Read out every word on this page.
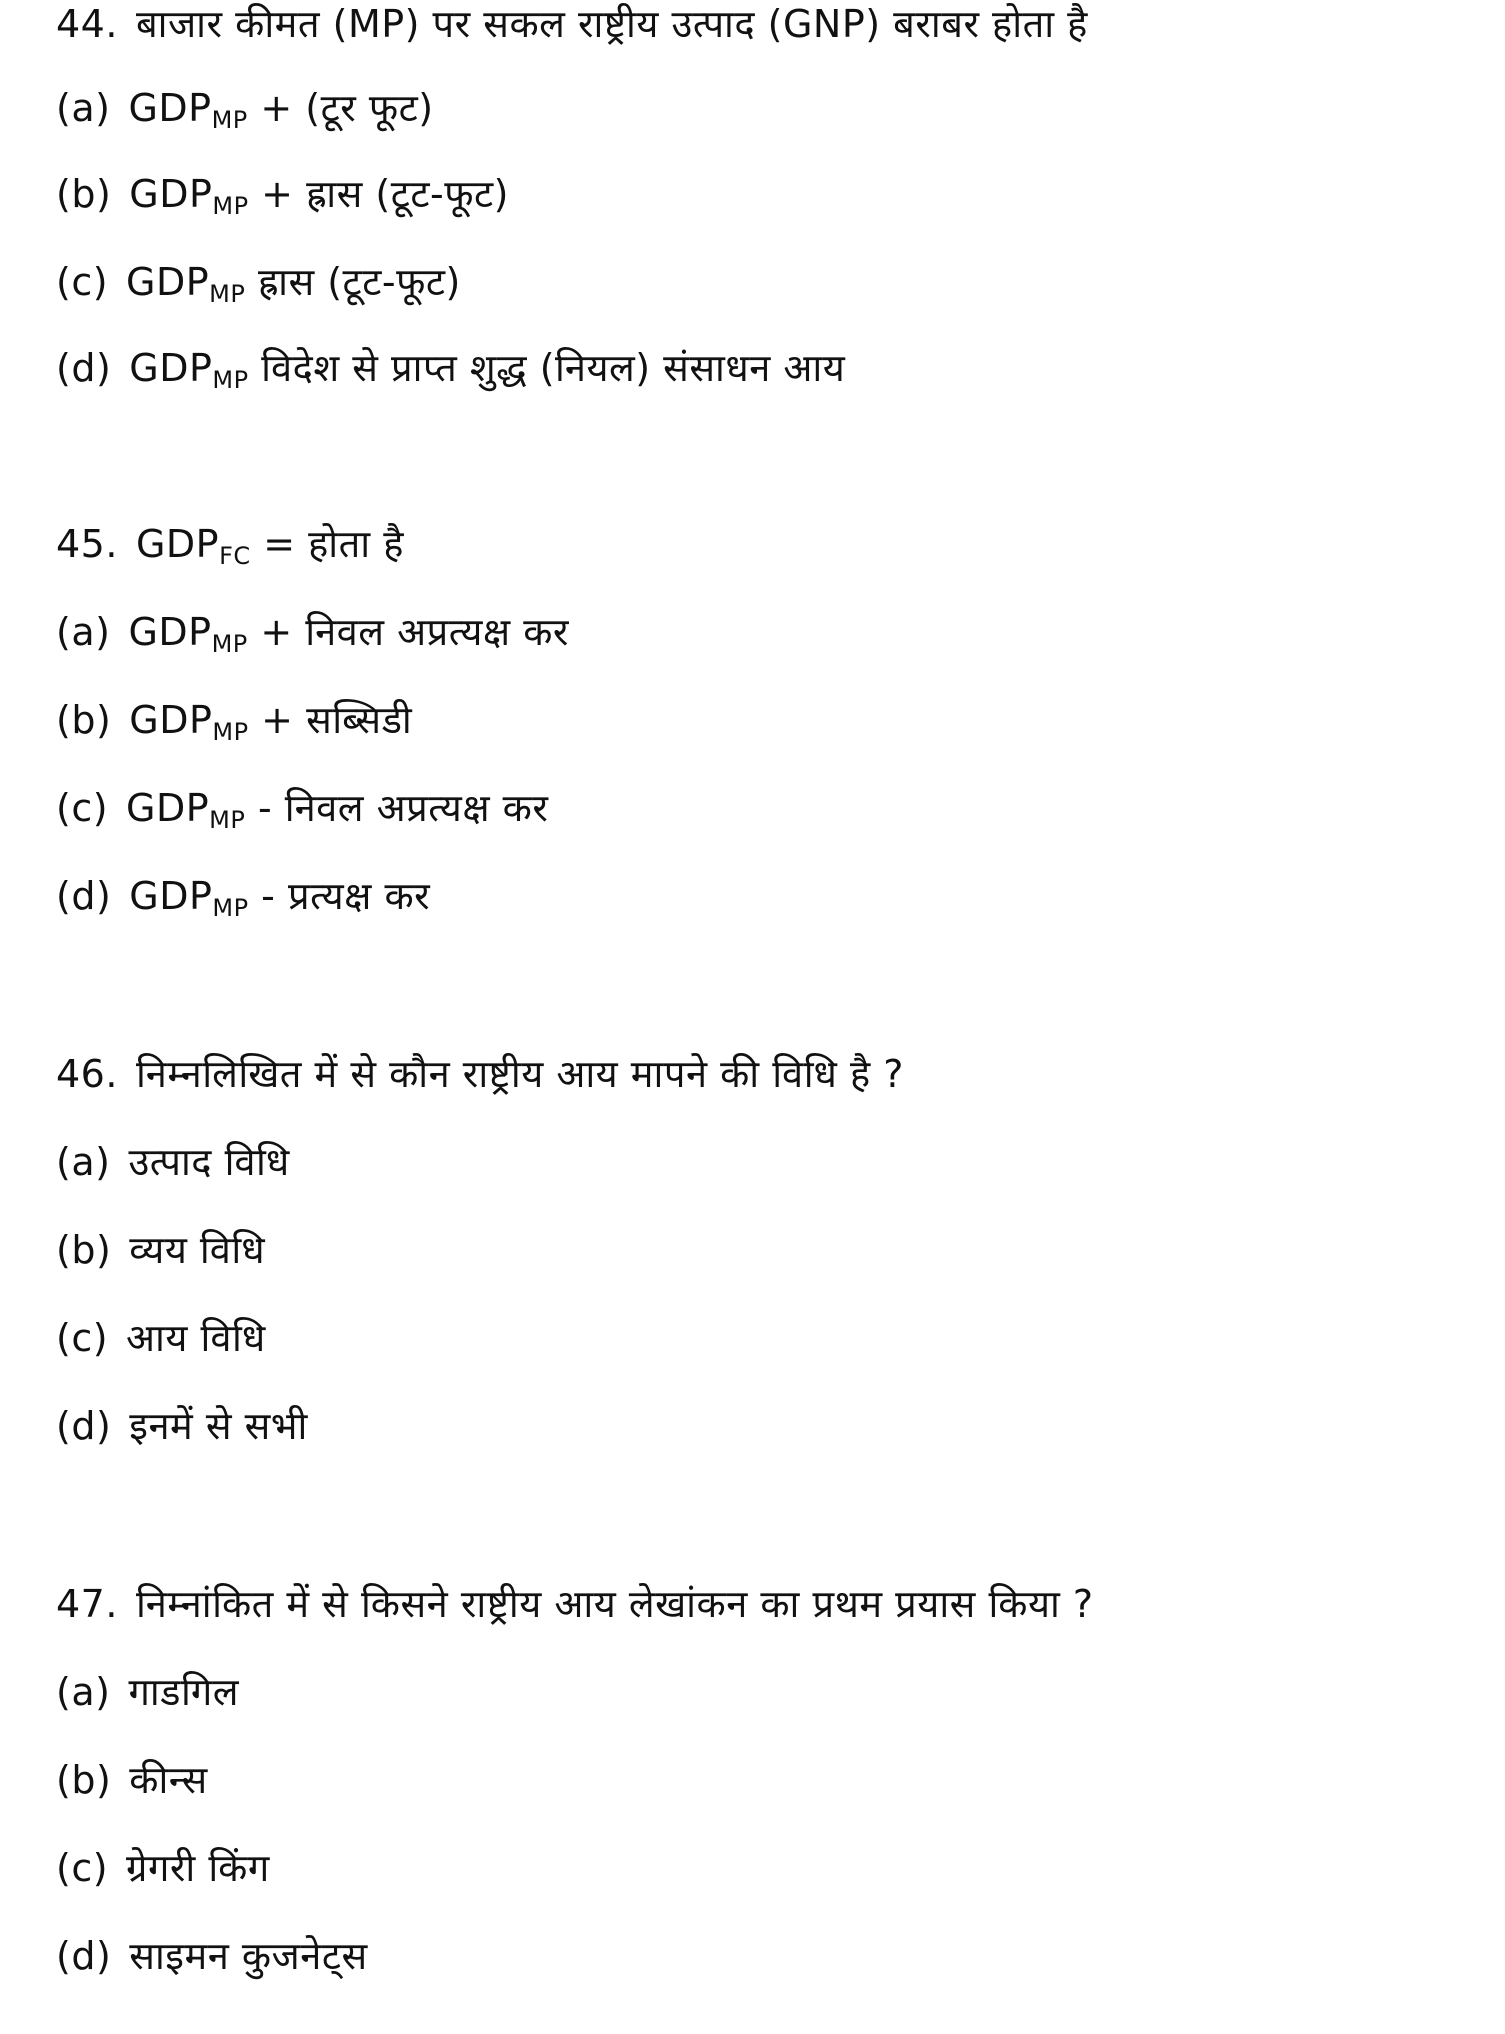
44. बाजार कीमत (MP) पर सकल राष्ट्रीय उत्पाद (GNP) बराबर होता है
(a) $GDP_{MP}$ + (टूर फूट)
(b) $GDP_{MP}$ + ह्रास (टूट-फूट)
(c) $GDP_{MP}$ ह्रास (टूट-फूट)
(d) $GDP_{MP}$ विदेश से प्राप्त शुद्ध (नियल) संसाधन आय
45. $GDP_{FC}$ = होता है
(a) $GDP_{MP}$ + निवल अप्रत्यक्ष कर
(b) $GDP_{MP}$ + सब्सिडी
(c) $GDP_{MP}$ - निवल अप्रत्यक्ष कर
(d) $GDP_{MP}$ - प्रत्यक्ष कर
46. निम्नलिखित में से कौन राष्ट्रीय आय मापने की विधि है ?
(a) उत्पाद विधि
(b) व्यय विधि
(c) आय विधि
(d) इनमें से सभी
47. निम्नांकित में से किसने राष्ट्रीय आय लेखांकन का प्रथम प्रयास किया ?
(a) गाडगिल
(b) कीन्स
(c) ग्रेगरी किंग
(d) साइमन कुजनेट्स
